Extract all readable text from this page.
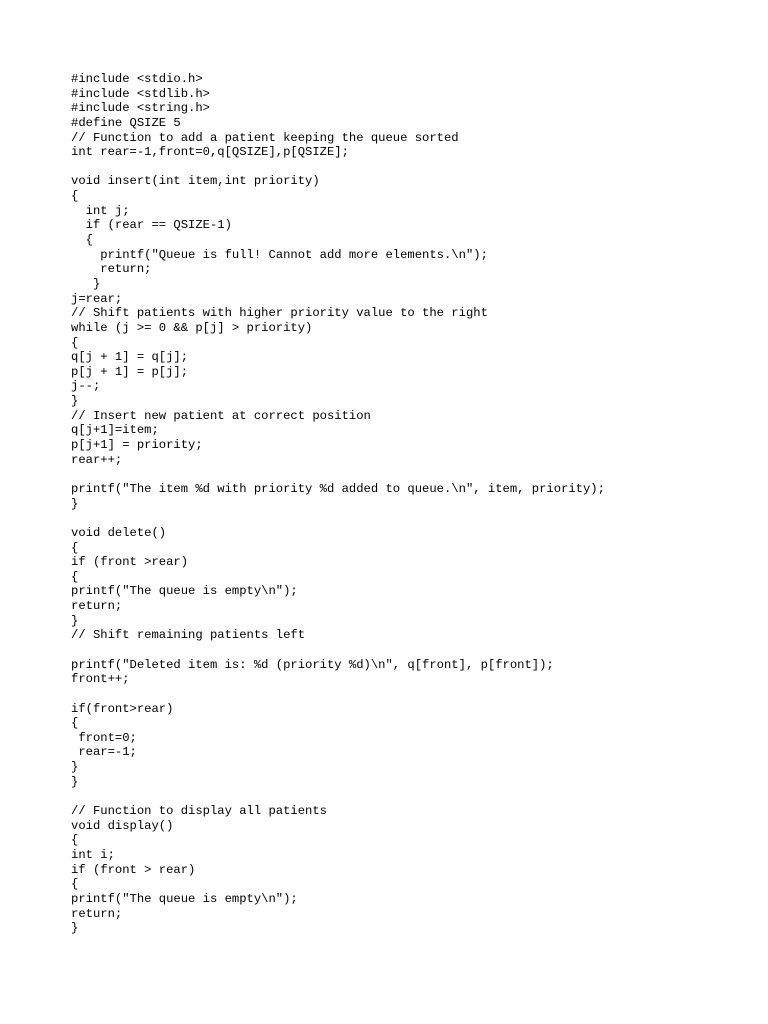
#include <stdio.h>
#include <stdlib.h>
#include <string.h>
#define QSIZE 5
// Function to add a patient keeping the queue sorted
int rear=-1,front=0,q[QSIZE],p[QSIZE];
void insert(int item,int priority)
{
int j;
if (rear == QSIZE-1)
{
printf("Queue is full! Cannot add more elements.\n");
return;
}
j=rear;
// Shift patients with higher priority value to the right
while (j >= 0 && p[j] > priority)
{
q[j + 1] = q[j];
p[j + 1] = p[j];
j--;
}
// Insert new patient at correct position
q[j+1]=item;
p[j+1] = priority;
rear++;
printf("The item %d with priority %d added to queue.\n", item, priority);
}
void delete()
{
if (front >rear)
{
printf("The queue is empty\n");
return;
}
// Shift remaining patients left
printf("Deleted item is: %d (priority %d)\n", q[front], p[front]);
front++;
if(front>rear)
{
front=0;
rear=-1;
}
}
// Function to display all patients
void display()
{
int i;
if (front > rear)
{
printf("The queue is empty\n");
return;
}
